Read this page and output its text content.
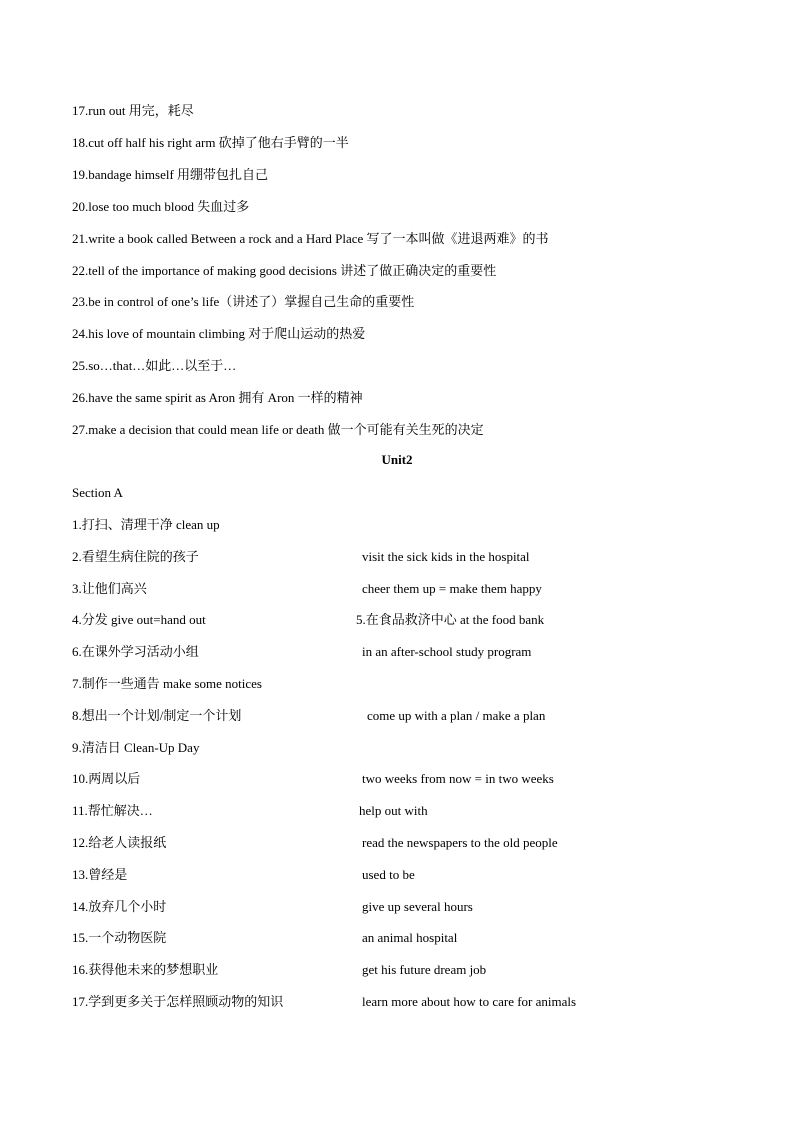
17.run out 用完，耗尽
18.cut off half his right arm 砍掉了他右手臂的一半
19.bandage himself 用绷带包扎自己
20.lose too much blood 失血过多
21.write a book called Between a rock and a Hard Place 写了一本叫做《进退两难》的书
22.tell of the importance of making good decisions 讲述了做正确决定的重要性
23.be in control of one’s life（讲述了）掌握自己生命的重要性
24.his love of mountain climbing 对于爬山运动的热爱
25.so…that…如此…以至于…
26.have the same spirit as Aron 拥有 Aron 一样的精神
27.make a decision that could mean life or death 做一个可能有关生死的决定
Unit2
Section A
1.打扫、清理干净 clean up
2.看望生病住院的孩子	visit the sick kids in the hospital
3.让他们高兴	cheer them up = make them happy
4.分发 give out=hand out	5.在食品救济中心 at the food bank
6.在课外学习活动小组	in an after-school study program
7.制作一些通告 make some notices
8.想出一个计划/制定一个计划	come up with a plan / make a plan
9.清洁日 Clean-Up Day
10.两周以后	two weeks from now = in two weeks
11.帮忙解决…	help out with
12.给老人读报纸	read the newspapers to the old people
13.曾经是	used to be
14.放弃几个小时	give up several hours
15.一个动物医院	an animal hospital
16.获得他未来的梦想职业	get his future dream job
17.学到更多关于怎样照顾动物的知识	learn more about how to care for animals
